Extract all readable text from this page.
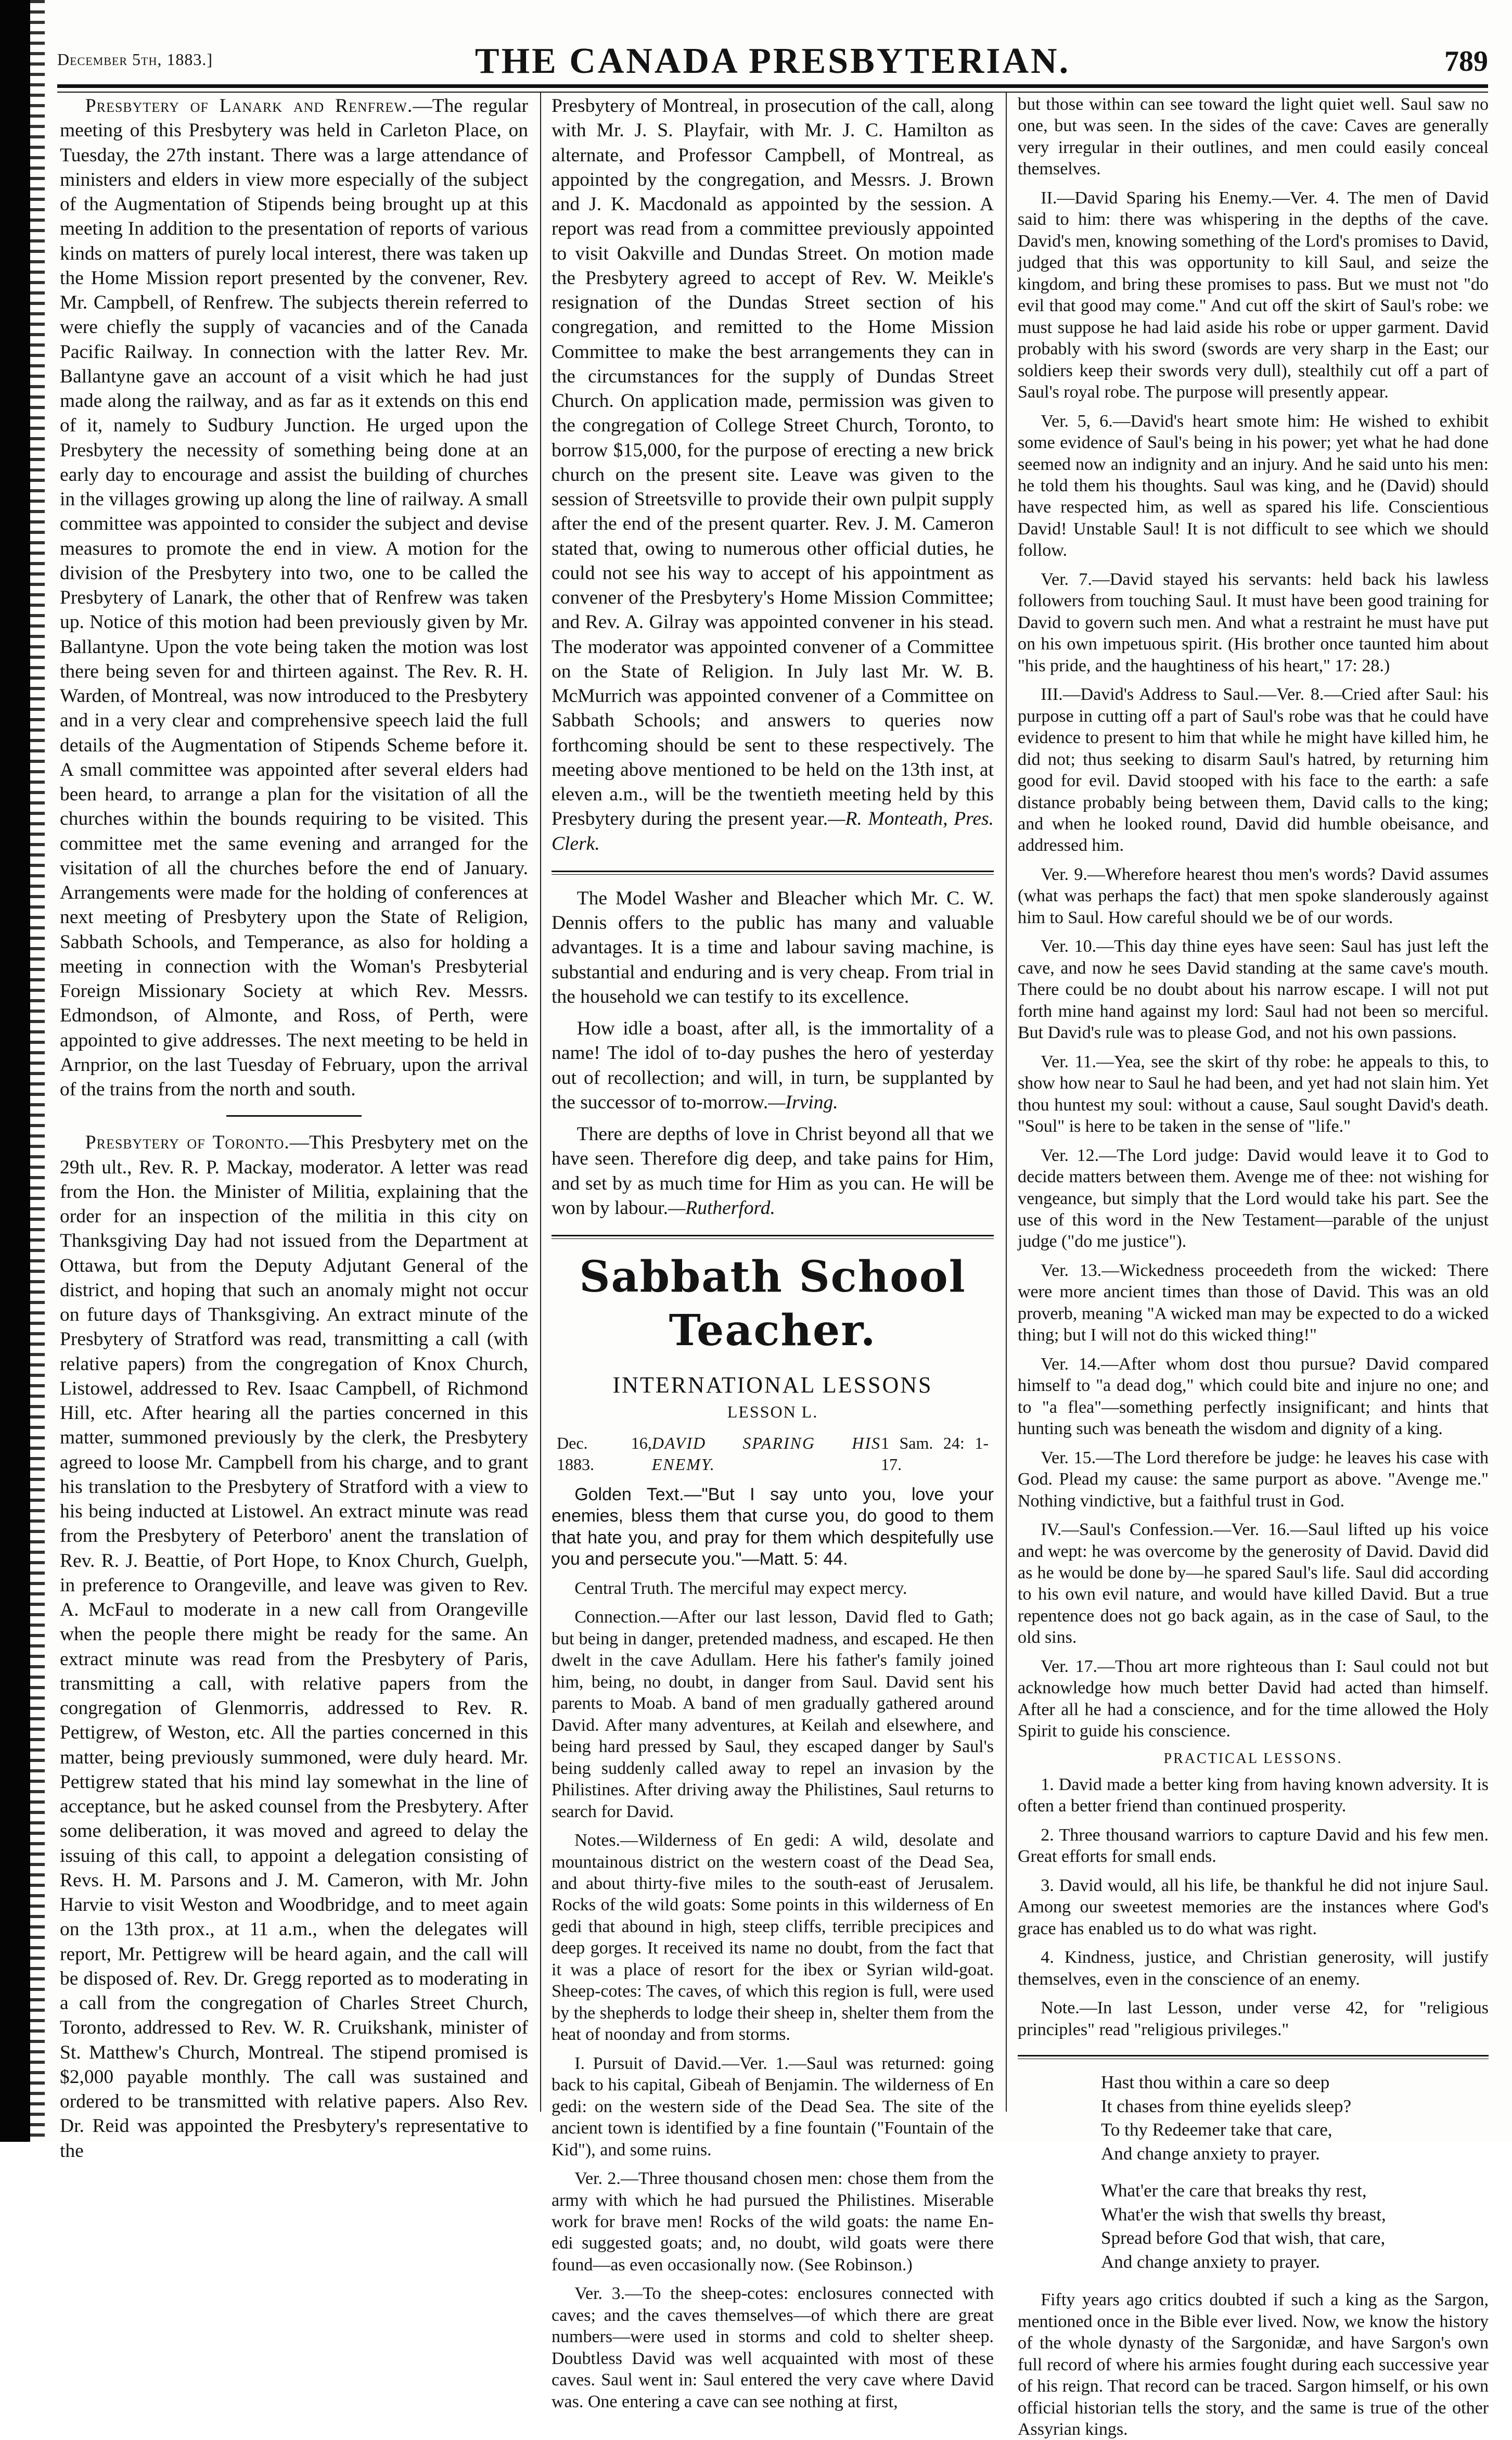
December 5th, 1883.]	THE CANADA PRESBYTERIAN.	789

Presbytery of Lanark and Renfrew.—The regular meeting of this Presbytery was held in Carleton Place, on Tuesday, the 27th instant. There was a large attendance of ministers and elders in view more especially of the subject of the Augmentation of Stipends being brought up at this meeting In addition to the presentation of reports of various kinds on matters of purely local interest, there was taken up the Home Mission report presented by the convener, Rev. Mr. Campbell, of Renfrew. The subjects therein referred to were chiefly the supply of vacancies and of the Canada Pacific Railway. In connection with the latter Rev. Mr. Ballantyne gave an account of a visit which he had just made along the railway, and as far as it extends on this end of it, namely to Sudbury Junction. He urged upon the Presbytery the necessity of something being done at an early day to encourage and assist the building of churches in the villages growing up along the line of railway. A small committee was appointed to consider the subject and devise measures to promote the end in view. A motion for the division of the Presbytery into two, one to be called the Presbytery of Lanark, the other that of Renfrew was taken up. Notice of this motion had been previously given by Mr. Ballantyne. Upon the vote being taken the motion was lost there being seven for and thirteen against. The Rev. R. H. Warden, of Montreal, was now introduced to the Presbytery and in a very clear and comprehensive speech laid the full details of the Augmentation of Stipends Scheme before it. A small committee was appointed after several elders had been heard, to arrange a plan for the visitation of all the churches within the bounds requiring to be visited. This committee met the same evening and arranged for the visitation of all the churches before the end of January. Arrangements were made for the holding of conferences at next meeting of Presbytery upon the State of Religion, Sabbath Schools, and Temperance, as also for holding a meeting in connection with the Woman's Presbyterial Foreign Missionary Society at which Rev. Messrs. Edmondson, of Almonte, and Ross, of Perth, were appointed to give addresses. The next meeting to be held in Arnprior, on the last Tuesday of February, upon the arrival of the trains from the north and south.

Presbytery of Toronto.—This Presbytery met on the 29th ult., Rev. R. P. Mackay, moderator. A letter was read from the Hon. the Minister of Militia, explaining that the order for an inspection of the militia in this city on Thanksgiving Day had not issued from the Department at Ottawa, but from the Deputy Adjutant General of the district, and hoping that such an anomaly might not occur on future days of Thanksgiving. An extract minute of the Presbytery of Stratford was read, transmitting a call (with relative papers) from the congregation of Knox Church, Listowel, addressed to Rev. Isaac Campbell, of Richmond Hill, etc. After hearing all the parties concerned in this matter, summoned previously by the clerk, the Presbytery agreed to loose Mr. Campbell from his charge, and to grant his translation to the Presbytery of Stratford with a view to his being inducted at Listowel. An extract minute was read from the Presbytery of Peterboro' anent the translation of Rev. R. J. Beattie, of Port Hope, to Knox Church, Guelph, in preference to Orangeville, and leave was given to Rev. A. McFaul to moderate in a new call from Orangeville when the people there might be ready for the same. An extract minute was read from the Presbytery of Paris, transmitting a call, with relative papers from the congregation of Glenmorris, addressed to Rev. R. Pettigrew, of Weston, etc. All the parties concerned in this matter, being previously summoned, were duly heard. Mr. Pettigrew stated that his mind lay somewhat in the line of acceptance, but he asked counsel from the Presbytery. After some deliberation, it was moved and agreed to delay the issuing of this call, to appoint a delegation consisting of Revs. H. M. Parsons and J. M. Cameron, with Mr. John Harvie to visit Weston and Woodbridge, and to meet again on the 13th prox., at 11 a.m., when the delegates will report, Mr. Pettigrew will be heard again, and the call will be disposed of. Rev. Dr. Gregg reported as to moderating in a call from the congregation of Charles Street Church, Toronto, addressed to Rev. W. R. Cruikshank, minister of St. Matthew's Church, Montreal. The stipend promised is $2,000 payable monthly. The call was sustained and ordered to be transmitted with relative papers. Also Rev. Dr. Reid was appointed the Presbytery's representative to the

Presbytery of Montreal, in prosecution of the call, along with Mr. J. S. Playfair, with Mr. J. C. Hamilton as alternate, and Professor Campbell, of Montreal, as appointed by the congregation, and Messrs. J. Brown and J. K. Macdonald as appointed by the session. A report was read from a committee previously appointed to visit Oakville and Dundas Street. On motion made the Presbytery agreed to accept of Rev. W. Meikle's resignation of the Dundas Street section of his congregation, and remitted to the Home Mission Committee to make the best arrangements they can in the circumstances for the supply of Dundas Street Church. On application made, permission was given to the congregation of College Street Church, Toronto, to borrow $15,000, for the purpose of erecting a new brick church on the present site. Leave was given to the session of Streetsville to provide their own pulpit supply after the end of the present quarter. Rev. J. M. Cameron stated that, owing to numerous other official duties, he could not see his way to accept of his appointment as convener of the Presbytery's Home Mission Committee; and Rev. A. Gilray was appointed convener in his stead. The moderator was appointed convener of a Committee on the State of Religion. In July last Mr. W. B. McMurrich was appointed convener of a Committee on Sabbath Schools; and answers to queries now forthcoming should be sent to these respectively. The meeting above mentioned to be held on the 13th inst, at eleven a.m., will be the twentieth meeting held by this Presbytery during the present year.—R. Monteath, Pres. Clerk.

The Model Washer and Bleacher which Mr. C. W. Dennis offers to the public has many and valuable advantages. It is a time and labour saving machine, is substantial and enduring and is very cheap. From trial in the household we can testify to its excellence.

How idle a boast, after all, is the immortality of a name! The idol of to-day pushes the hero of yesterday out of recollection; and will, in turn, be supplanted by the successor of to-morrow.—Irving.

There are depths of love in Christ beyond all that we have seen. Therefore dig deep, and take pains for Him, and set by as much time for Him as you can. He will be won by labour.—Rutherford.

Sabbath School Teacher.
INTERNATIONAL LESSONS
LESSON L.
Dec. 16, 1883.
DAVID SPARING HIS ENEMY.
1 Sam. 24: 1-17.

Golden Text.—"But I say unto you, love your enemies, bless them that curse you, do good to them that hate you, and pray for them which despitefully use you and persecute you."—Matt. 5: 44.

Central Truth. The merciful may expect mercy.

Connection.—After our last lesson, David fled to Gath; but being in danger, pretended madness, and escaped. He then dwelt in the cave Adullam. Here his father's family joined him, being, no doubt, in danger from Saul. David sent his parents to Moab. A band of men gradually gathered around David. After many adventures, at Keilah and elsewhere, and being hard pressed by Saul, they escaped danger by Saul's being suddenly called away to repel an invasion by the Philistines. After driving away the Philistines, Saul returns to search for David.

Notes.—Wilderness of En gedi: A wild, desolate and mountainous district on the western coast of the Dead Sea, and about thirty-five miles to the south-east of Jerusalem. Rocks of the wild goats: Some points in this wilderness of En gedi that abound in high, steep cliffs, terrible precipices and deep gorges. It received its name no doubt, from the fact that it was a place of resort for the ibex or Syrian wild-goat. Sheep-cotes: The caves, of which this region is full, were used by the shepherds to lodge their sheep in, shelter them from the heat of noonday and from storms.

I. Pursuit of David.—Ver. 1.—Saul was returned: going back to his capital, Gibeah of Benjamin. The wilderness of En gedi: on the western side of the Dead Sea. The site of the ancient town is identified by a fine fountain ("Fountain of the Kid"), and some ruins.

Ver. 2.—Three thousand chosen men: chose them from the army with which he had pursued the Philistines. Miserable work for brave men! Rocks of the wild goats: the name En-edi suggested goats; and, no doubt, wild goats were there found—as even occasionally now. (See Robinson.)

Ver. 3.—To the sheep-cotes: enclosures connected with caves; and the caves themselves—of which there are great numbers—were used in storms and cold to shelter sheep. Doubtless David was well acquainted with most of these caves. Saul went in: Saul entered the very cave where David was. One entering a cave can see nothing at first,

but those within can see toward the light quiet well. Saul saw no one, but was seen. In the sides of the cave: Caves are generally very irregular in their outlines, and men could easily conceal themselves.

II.—David Sparing his Enemy.—Ver. 4. The men of David said to him: there was whispering in the depths of the cave. David's men, knowing something of the Lord's promises to David, judged that this was opportunity to kill Saul, and seize the kingdom, and bring these promises to pass. But we must not "do evil that good may come." And cut off the skirt of Saul's robe: we must suppose he had laid aside his robe or upper garment. David probably with his sword (swords are very sharp in the East; our soldiers keep their swords very dull), stealthily cut off a part of Saul's royal robe. The purpose will presently appear.

Ver. 5, 6.—David's heart smote him: He wished to exhibit some evidence of Saul's being in his power; yet what he had done seemed now an indignity and an injury. And he said unto his men: he told them his thoughts. Saul was king, and he (David) should have respected him, as well as spared his life. Conscientious David! Unstable Saul! It is not difficult to see which we should follow.

Ver. 7.—David stayed his servants: held back his lawless followers from touching Saul. It must have been good training for David to govern such men. And what a restraint he must have put on his own impetuous spirit. (His brother once taunted him about "his pride, and the haughtiness of his heart," 17: 28.)

III.—David's Address to Saul.—Ver. 8.—Cried after Saul: his purpose in cutting off a part of Saul's robe was that he could have evidence to present to him that while he might have killed him, he did not; thus seeking to disarm Saul's hatred, by returning him good for evil. David stooped with his face to the earth: a safe distance probably being between them, David calls to the king; and when he looked round, David did humble obeisance, and addressed him.

Ver. 9.—Wherefore hearest thou men's words? David assumes (what was perhaps the fact) that men spoke slanderously against him to Saul. How careful should we be of our words.

Ver. 10.—This day thine eyes have seen: Saul has just left the cave, and now he sees David standing at the same cave's mouth. There could be no doubt about his narrow escape. I will not put forth mine hand against my lord: Saul had not been so merciful. But David's rule was to please God, and not his own passions.

Ver. 11.—Yea, see the skirt of thy robe: he appeals to this, to show how near to Saul he had been, and yet had not slain him. Yet thou huntest my soul: without a cause, Saul sought David's death. "Soul" is here to be taken in the sense of "life."

Ver. 12.—The Lord judge: David would leave it to God to decide matters between them. Avenge me of thee: not wishing for vengeance, but simply that the Lord would take his part. See the use of this word in the New Testament—parable of the unjust judge ("do me justice").

Ver. 13.—Wickedness proceedeth from the wicked: There were more ancient times than those of David. This was an old proverb, meaning "A wicked man may be expected to do a wicked thing; but I will not do this wicked thing!"

Ver. 14.—After whom dost thou pursue? David compared himself to "a dead dog," which could bite and injure no one; and to "a flea"—something perfectly insignificant; and hints that hunting such was beneath the wisdom and dignity of a king.

Ver. 15.—The Lord therefore be judge: he leaves his case with God. Plead my cause: the same purport as above. "Avenge me." Nothing vindictive, but a faithful trust in God.

IV.—Saul's Confession.—Ver. 16.—Saul lifted up his voice and wept: he was overcome by the generosity of David. David did as he would be done by—he spared Saul's life. Saul did according to his own evil nature, and would have killed David. But a true repentence does not go back again, as in the case of Saul, to the old sins.

Ver. 17.—Thou art more righteous than I: Saul could not but acknowledge how much better David had acted than himself. After all he had a conscience, and for the time allowed the Holy Spirit to guide his conscience.

PRACTICAL LESSONS.

1. David made a better king from having known adversity. It is often a better friend than continued prosperity.

2. Three thousand warriors to capture David and his few men. Great efforts for small ends.

3. David would, all his life, be thankful he did not injure Saul. Among our sweetest memories are the instances where God's grace has enabled us to do what was right.

4. Kindness, justice, and Christian generosity, will justify themselves, even in the conscience of an enemy.

Note.—In last Lesson, under verse 42, for "religious principles" read "religious privileges."

Hast thou within a care so deep
It chases from thine eyelids sleep?
To thy Redeemer take that care,
And change anxiety to prayer.

What'er the care that breaks thy rest,
What'er the wish that swells thy breast,
Spread before God that wish, that care,
And change anxiety to prayer.

Fifty years ago critics doubted if such a king as the Sargon, mentioned once in the Bible ever lived. Now, we know the history of the whole dynasty of the Sargonidæ, and have Sargon's own full record of where his armies fought during each successive year of his reign. That record can be traced. Sargon himself, or his own official historian tells the story, and the same is true of the other Assyrian kings.
